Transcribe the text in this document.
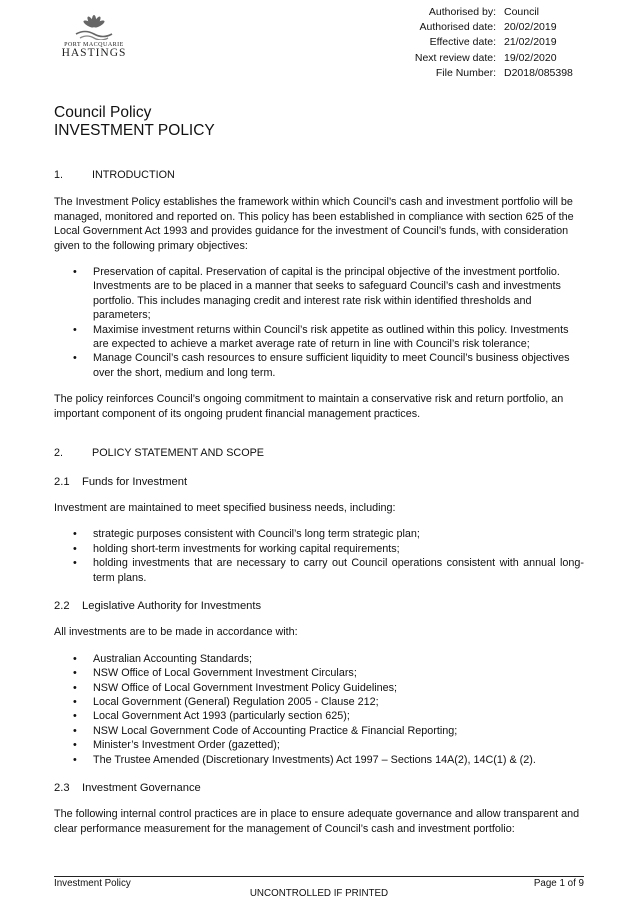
PORT MACQUARIE
HASTINGS
Authorised by: Council
Authorised date: 20/02/2019
Effective date: 21/02/2019
Next review date: 19/02/2020
File Number: D2018/085398
Council Policy
INVESTMENT POLICY
1.	INTRODUCTION

The Investment Policy establishes the framework within which Council’s cash and investment portfolio will be managed, monitored and reported on. This policy has been established in compliance with section 625 of the Local Government Act 1993 and provides guidance for the investment of Council’s funds, with consideration given to the following primary objectives:

• Preservation of capital. Preservation of capital is the principal objective of the investment portfolio. Investments are to be placed in a manner that seeks to safeguard Council’s cash and investments portfolio. This includes managing credit and interest rate risk within identified thresholds and parameters;
• Maximise investment returns within Council’s risk appetite as outlined within this policy. Investments are expected to achieve a market average rate of return in line with Council’s risk tolerance;
• Manage Council’s cash resources to ensure sufficient liquidity to meet Council’s business objectives over the short, medium and long term.

The policy reinforces Council’s ongoing commitment to maintain a conservative risk and return portfolio, an important component of its ongoing prudent financial management practices.

2.	POLICY STATEMENT AND SCOPE
2.1 Funds for Investment

Investment are maintained to meet specified business needs, including:

• strategic purposes consistent with Council’s long term strategic plan;
• holding short-term investments for working capital requirements;
• holding investments that are necessary to carry out Council operations consistent with annual long-term plans.
2.2 Legislative Authority for Investments

All investments are to be made in accordance with:

• Australian Accounting Standards;
• NSW Office of Local Government Investment Circulars;
• NSW Office of Local Government Investment Policy Guidelines;
• Local Government (General) Regulation 2005 - Clause 212;
• Local Government Act 1993 (particularly section 625);
• NSW Local Government Code of Accounting Practice & Financial Reporting;
• Minister’s Investment Order (gazetted);
• The Trustee Amended (Discretionary Investments) Act 1997 – Sections 14A(2), 14C(1) & (2).
2.3 Investment Governance

The following internal control practices are in place to ensure adequate governance and allow transparent and clear performance measurement for the management of Council’s cash and investment portfolio:

Investment Policy	Page 1 of 9
UNCONTROLLED IF PRINTED
